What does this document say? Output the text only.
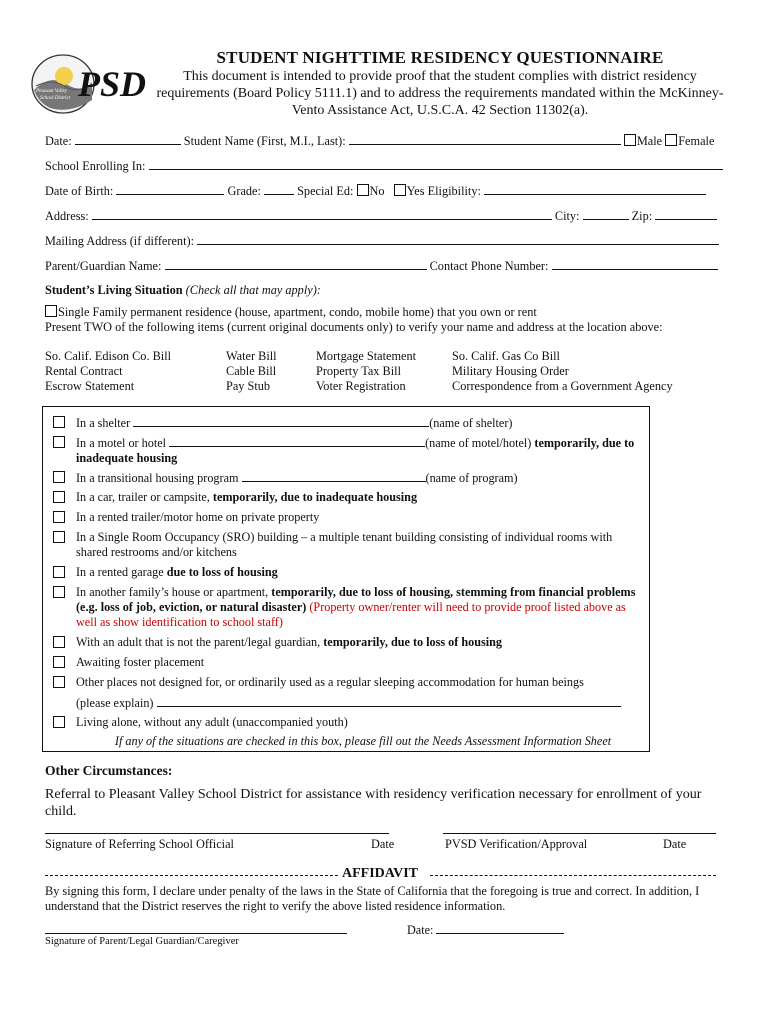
Pleasant Valley
School District PSD
STUDENT NIGHTTIME RESIDENCY QUESTIONNAIRE
This document is intended to provide proof that the student complies with district residency requirements (Board Policy 5111.1) and to address the requirements mandated within the McKinney-Vento Assistance Act, U.S.C.A. 42 Section 11302(a).
Date:	Student Name (First, M.I., Last):	Male Female
School Enrolling In:
Date of Birth:	Grade:	Special Ed: No Yes Eligibility:
Address:	City:	Zip:
Mailing Address (if different):
Parent/Guardian Name:	Contact Phone Number:
Student’s Living Situation (Check all that may apply):
Single Family permanent residence (house, apartment, condo, mobile home) that you own or rent
Present TWO of the following items (current original documents only) to verify your name and address at the location above:
So. Calif. Edison Co. Bill	Water Bill	Mortgage Statement	So. Calif. Gas Co Bill
Rental Contract	Cable Bill	Property Tax Bill	Military Housing Order
Escrow Statement	Pay Stub	Voter Registration	Correspondence from a Government Agency
In a shelter	(name of shelter)
In a motel or hotel	(name of motel/hotel) temporarily, due to inadequate housing
In a transitional housing program	(name of program)
In a car, trailer or campsite, temporarily, due to inadequate housing
In a rented trailer/motor home on private property
In a Single Room Occupancy (SRO) building – a multiple tenant building consisting of individual rooms with shared restrooms and/or kitchens
In a rented garage due to loss of housing
In another family’s house or apartment, temporarily, due to loss of housing, stemming from financial problems (e.g. loss of job, eviction, or natural disaster) (Property owner/renter will need to provide proof listed above as well as show identification to school staff)
With an adult that is not the parent/legal guardian, temporarily, due to loss of housing
Awaiting foster placement
Other places not designed for, or ordinarily used as a regular sleeping accommodation for human beings
(please explain)
Living alone, without any adult (unaccompanied youth)
If any of the situations are checked in this box, please fill out the Needs Assessment Information Sheet
Other Circumstances:
Referral to Pleasant Valley School District for assistance with residency verification necessary for enrollment of your child.
Signature of Referring School Official	Date	PVSD Verification/Approval	Date
AFFIDAVIT
By signing this form, I declare under penalty of the laws in the State of California that the foregoing is true and correct. In addition, I understand that the District reserves the right to verify the above listed residence information.
Date:
Signature of Parent/Legal Guardian/Caregiver
